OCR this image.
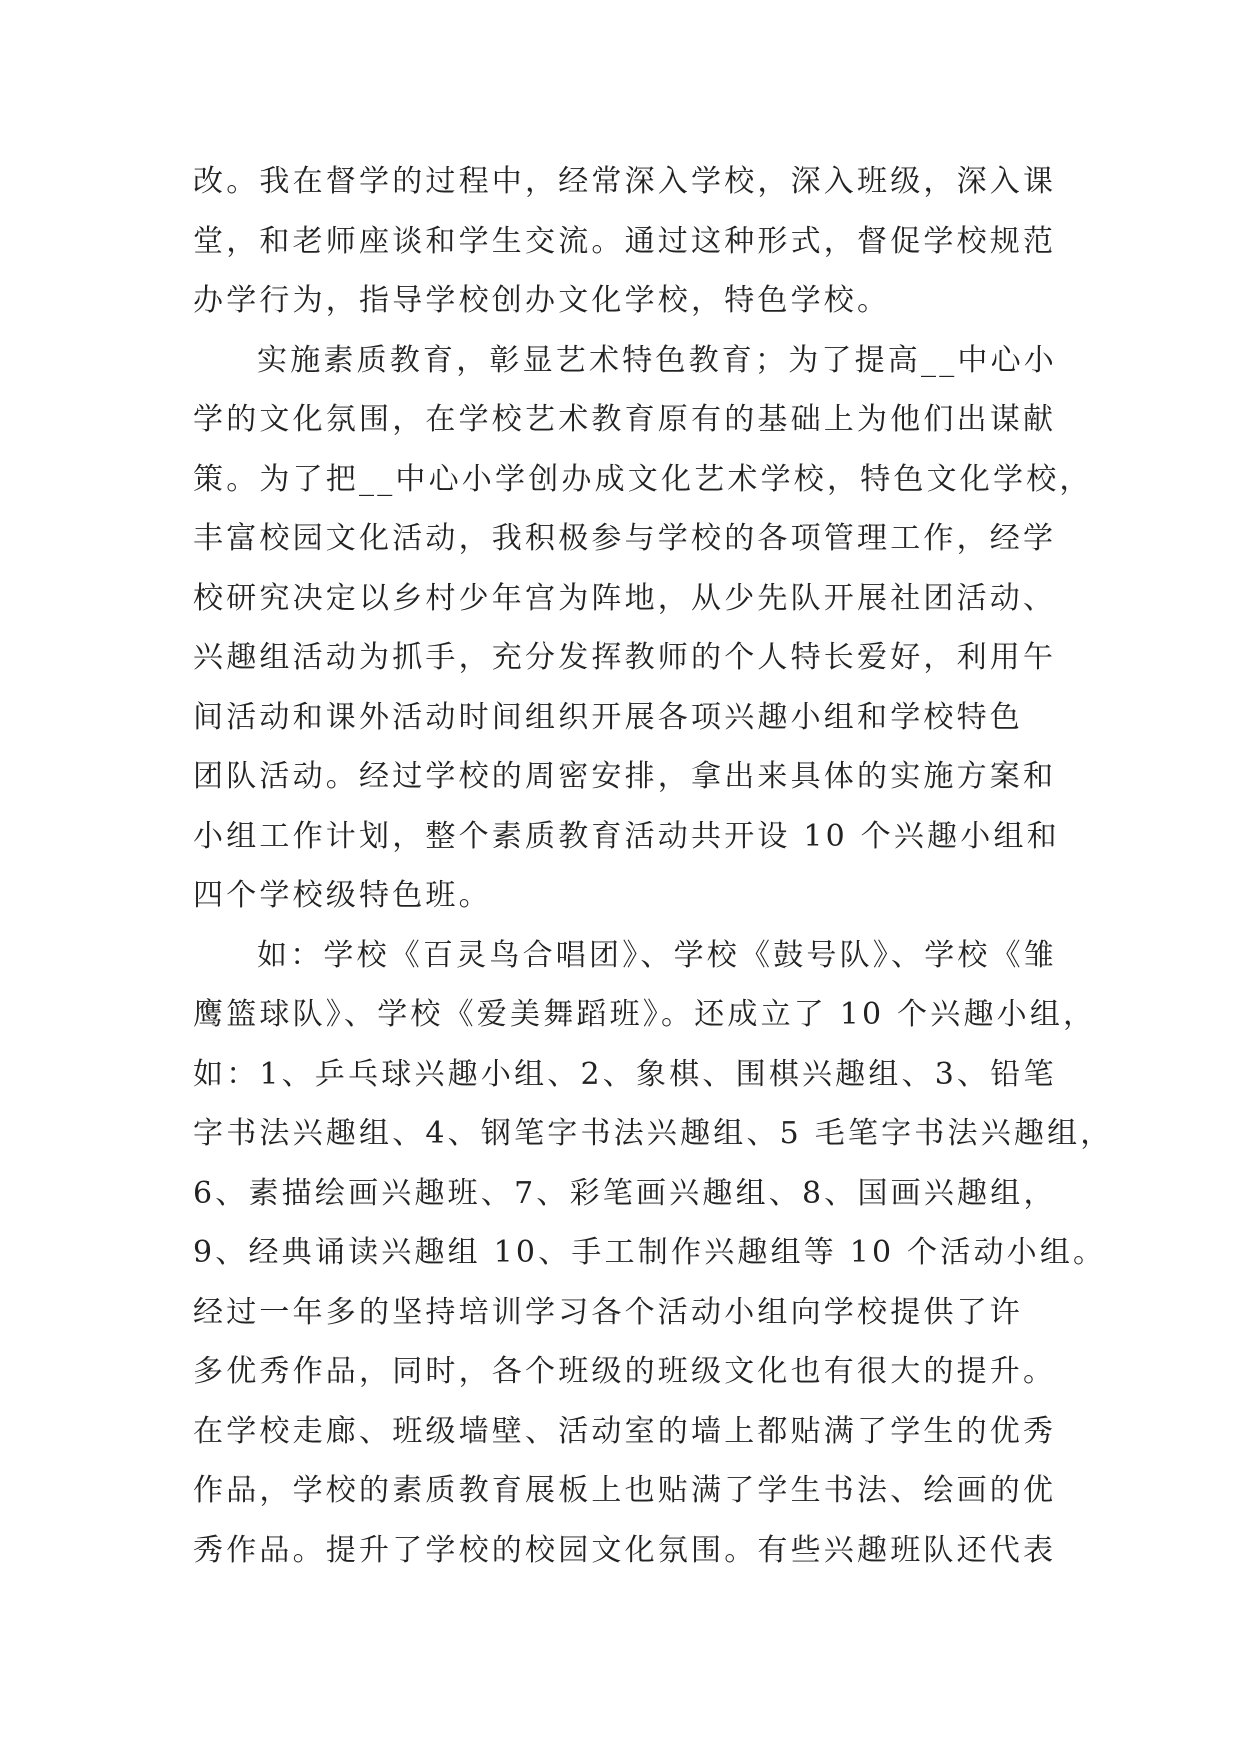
改。我在督学的过程中，经常深入学校，深入班级，深入课
堂，和老师座谈和学生交流。通过这种形式，督促学校规范
办学行为，指导学校创办文化学校，特色学校。

实施素质教育，彰显艺术特色教育；为了提高__中心小
学的文化氛围，在学校艺术教育原有的基础上为他们出谋献
策。为了把__中心小学创办成文化艺术学校，特色文化学校，
丰富校园文化活动，我积极参与学校的各项管理工作，经学
校研究决定以乡村少年宫为阵地，从少先队开展社团活动、
兴趣组活动为抓手，充分发挥教师的个人特长爱好，利用午
间活动和课外活动时间组织开展各项兴趣小组和学校特色
团队活动。经过学校的周密安排，拿出来具体的实施方案和
小组工作计划，整个素质教育活动共开设 10 个兴趣小组和
四个学校级特色班。

如：学校《百灵鸟合唱团》、学校《鼓号队》、学校《雏
鹰篮球队》、学校《爱美舞蹈班》。还成立了 10 个兴趣小组，
如：1、乒乓球兴趣小组、2、象棋、围棋兴趣组、3、铅笔
字书法兴趣组、4、钢笔字书法兴趣组、5 毛笔字书法兴趣组，
6、素描绘画兴趣班、7、彩笔画兴趣组、8、国画兴趣组，
9、经典诵读兴趣组 10、手工制作兴趣组等 10 个活动小组。
经过一年多的坚持培训学习各个活动小组向学校提供了许
多优秀作品，同时，各个班级的班级文化也有很大的提升。
在学校走廊、班级墙壁、活动室的墙上都贴满了学生的优秀
作品，学校的素质教育展板上也贴满了学生书法、绘画的优
秀作品。提升了学校的校园文化氛围。有些兴趣班队还代表
